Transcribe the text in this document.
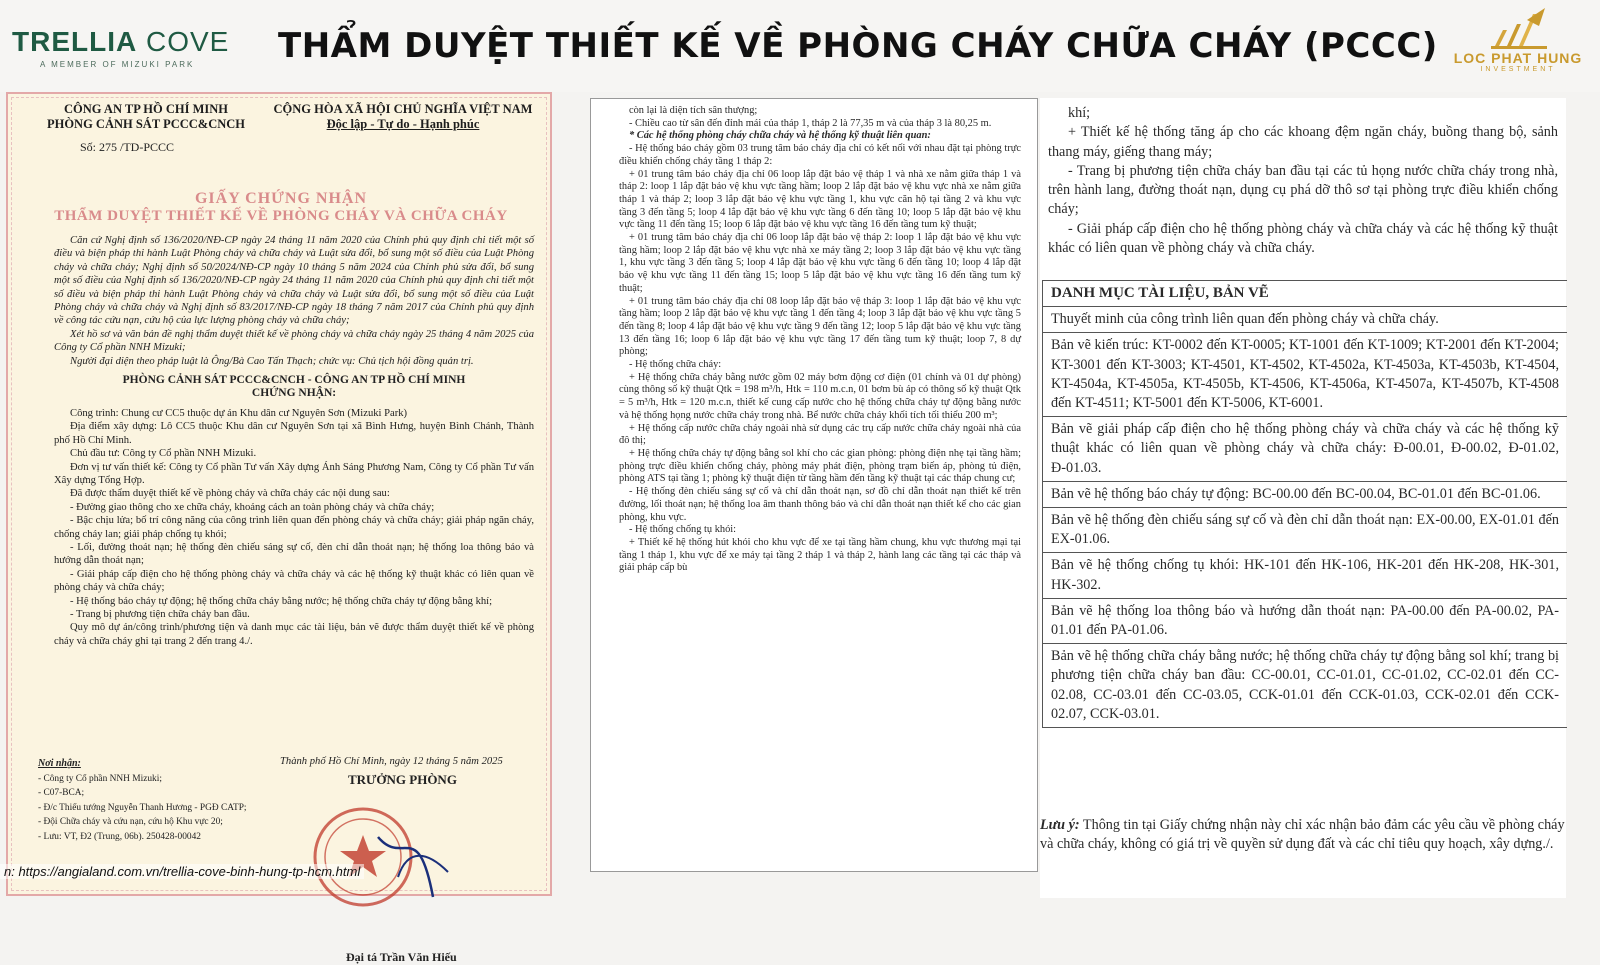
TRELLIA COVE
A MEMBER OF MIZUKI PARK	THẨM DUYỆT THIẾT KẾ VỀ PHÒNG CHÁY CHỮA CHÁY (PCCC)	LOC PHAT HUNG
INVESTMENT
CÔNG AN TP HỒ CHÍ MINH
PHÒNG CẢNH SÁT PCCC&CNCH
CỘNG HÒA XÃ HỘI CHỦ NGHĨA VIỆT NAM
Độc lập - Tự do - Hạnh phúc
Số: 275 /TD-PCCC
GIẤY CHỨNG NHẬN
THẨM DUYỆT THIẾT KẾ VỀ PHÒNG CHÁY VÀ CHỮA CHÁY

Căn cứ Nghị định số 136/2020/NĐ-CP ngày 24 tháng 11 năm 2020 của Chính phủ quy định chi tiết một số điều và biện pháp thi hành Luật Phòng cháy và chữa cháy và Luật sửa đổi, bổ sung một số điều của Luật Phòng cháy và chữa cháy; Nghị định số 50/2024/NĐ-CP ngày 10 tháng 5 năm 2024 của Chính phủ sửa đổi, bổ sung một số điều của Nghị định số 136/2020/NĐ-CP ngày 24 tháng 11 năm 2020 của Chính phủ quy định chi tiết một số điều và biện pháp thi hành Luật Phòng cháy và chữa cháy và Luật sửa đổi, bổ sung một số điều của Luật Phòng cháy và chữa cháy và Nghị định số 83/2017/NĐ-CP ngày 18 tháng 7 năm 2017 của Chính phủ quy định về công tác cứu nạn, cứu hộ của lực lượng phòng cháy và chữa cháy;

Xét hồ sơ và văn bản đề nghị thẩm duyệt thiết kế về phòng cháy và chữa cháy ngày 25 tháng 4 năm 2025 của Công ty Cổ phần NNH Mizuki;

Người đại diện theo pháp luật là Ông/Bà Cao Tấn Thạch; chức vụ: Chủ tịch hội đồng quản trị.

PHÒNG CẢNH SÁT PCCC&CNCH - CÔNG AN TP HỒ CHÍ MINH

CHỨNG NHẬN:

Công trình: Chung cư CC5 thuộc dự án Khu dân cư Nguyên Sơn (Mizuki Park)

Địa điểm xây dựng: Lô CC5 thuộc Khu dân cư Nguyên Sơn tại xã Bình Hưng, huyện Bình Chánh, Thành phố Hồ Chí Minh.

Chủ đầu tư: Công ty Cổ phần NNH Mizuki.

Đơn vị tư vấn thiết kế: Công ty Cổ phần Tư vấn Xây dựng Ánh Sáng Phương Nam, Công ty Cổ phần Tư vấn Xây dựng Tổng Hợp.

Đã được thẩm duyệt thiết kế về phòng cháy và chữa cháy các nội dung sau:

- Đường giao thông cho xe chữa cháy, khoảng cách an toàn phòng cháy và chữa cháy;

- Bậc chịu lửa; bố trí công năng của công trình liên quan đến phòng cháy và chữa cháy; giải pháp ngăn cháy, chống cháy lan; giải pháp chống tụ khói;

- Lối, đường thoát nạn; hệ thống đèn chiếu sáng sự cố, đèn chỉ dẫn thoát nạn; hệ thống loa thông báo và hướng dẫn thoát nạn;

- Giải pháp cấp điện cho hệ thống phòng cháy và chữa cháy và các hệ thống kỹ thuật khác có liên quan về phòng cháy và chữa cháy;

- Hệ thống báo cháy tự động; hệ thống chữa cháy bằng nước; hệ thống chữa cháy tự động bằng khí;

- Trang bị phương tiện chữa cháy ban đầu.

Quy mô dự án/công trình/phương tiện và danh mục các tài liệu, bản vẽ được thẩm duyệt thiết kế về phòng cháy và chữa cháy ghi tại trang 2 đến trang 4./.

Nơi nhận:
- Công ty Cổ phần NNH Mizuki;
- C07-BCA;
- Đ/c Thiếu tướng Nguyễn Thanh Hương - PGĐ CATP;
- Đội Chữa cháy và cứu nạn, cứu hộ Khu vực 20;
- Lưu: VT, Đ2 (Trung, 06b). 250428-00042
Thành phố Hồ Chí Minh, ngày 12 tháng 5 năm 2025
TRƯỞNG PHÒNG
Đại tá Trần Văn Hiếu
n: https://angialand.com.vn/trellia-cove-binh-hung-tp-hcm.html

còn lại là diện tích sân thượng;

- Chiều cao từ sân đến đỉnh mái của tháp 1, tháp 2 là 77,35 m và của tháp 3 là 80,25 m.

* Các hệ thống phòng cháy chữa cháy và hệ thống kỹ thuật liên quan:

- Hệ thống báo cháy gồm 03 trung tâm báo cháy địa chỉ có kết nối với nhau đặt tại phòng trực điều khiển chống cháy tầng 1 tháp 2:

+ 01 trung tâm báo cháy địa chỉ 06 loop lắp đặt bảo vệ tháp 1 và nhà xe nằm giữa tháp 1 và tháp 2: loop 1 lắp đặt bảo vệ khu vực tầng hầm; loop 2 lắp đặt bảo vệ khu vực nhà xe nằm giữa tháp 1 và tháp 2; loop 3 lắp đặt bảo vệ khu vực tầng 1, khu vực căn hộ tại tầng 2 và khu vực tầng 3 đến tầng 5; loop 4 lắp đặt bảo vệ khu vực tầng 6 đến tầng 10; loop 5 lắp đặt bảo vệ khu vực tầng 11 đến tầng 15; loop 6 lắp đặt bảo vệ khu vực tầng 16 đến tầng tum kỹ thuật;

+ 01 trung tâm báo cháy địa chỉ 06 loop lắp đặt bảo vệ tháp 2: loop 1 lắp đặt bảo vệ khu vực tầng hầm; loop 2 lắp đặt bảo vệ khu vực nhà xe máy tầng 2; loop 3 lắp đặt bảo vệ khu vực tầng 1, khu vực tầng 3 đến tầng 5; loop 4 lắp đặt bảo vệ khu vực tầng 6 đến tầng 10; loop 4 lắp đặt bảo vệ khu vực tầng 11 đến tầng 15; loop 5 lắp đặt bảo vệ khu vực tầng 16 đến tầng tum kỹ thuật;

+ 01 trung tâm báo cháy địa chỉ 08 loop lắp đặt bảo vệ tháp 3: loop 1 lắp đặt bảo vệ khu vực tầng hầm; loop 2 lắp đặt bảo vệ khu vực tầng 1 đến tầng 4; loop 3 lắp đặt bảo vệ khu vực tầng 5 đến tầng 8; loop 4 lắp đặt bảo vệ khu vực tầng 9 đến tầng 12; loop 5 lắp đặt bảo vệ khu vực tầng 13 đến tầng 16; loop 6 lắp đặt bảo vệ khu vực tầng 17 đến tầng tum kỹ thuật; loop 7, 8 dự phòng;

- Hệ thống chữa cháy:

+ Hệ thống chữa cháy bằng nước gồm 02 máy bơm động cơ điện (01 chính và 01 dự phòng) cùng thông số kỹ thuật Qtk = 198 m³/h, Htk = 110 m.c.n, 01 bơm bù áp có thông số kỹ thuật Qtk = 5 m³/h, Htk = 120 m.c.n, thiết kế cung cấp nước cho hệ thống chữa cháy tự động bằng nước và hệ thống họng nước chữa cháy trong nhà. Bể nước chữa cháy khối tích tối thiểu 200 m³;

+ Hệ thống cấp nước chữa cháy ngoài nhà sử dụng các trụ cấp nước chữa cháy ngoài nhà của đô thị;

+ Hệ thống chữa cháy tự động bằng sol khí cho các gian phòng: phòng điện nhẹ tại tầng hầm; phòng trực điều khiển chống cháy, phòng máy phát điện, phòng trạm biến áp, phòng tủ điện, phòng ATS tại tầng 1; phòng kỹ thuật điện từ tầng hầm đến tầng kỹ thuật tại các tháp chung cư;

- Hệ thống đèn chiếu sáng sự cố và chỉ dẫn thoát nạn, sơ đồ chỉ dẫn thoát nạn thiết kế trên đường, lối thoát nạn; hệ thống loa âm thanh thông báo và chỉ dẫn thoát nạn thiết kế cho các gian phòng, khu vực.

- Hệ thống chống tụ khói:

+ Thiết kế hệ thống hút khói cho khu vực để xe tại tầng hầm chung, khu vực thương mại tại tầng 1 tháp 1, khu vực để xe máy tại tầng 2 tháp 1 và tháp 2, hành lang các tầng tại các tháp và giải pháp cấp bù

khí;

+ Thiết kế hệ thống tăng áp cho các khoang đệm ngăn cháy, buồng thang bộ, sảnh thang máy, giếng thang máy;

- Trang bị phương tiện chữa cháy ban đầu tại các tủ họng nước chữa cháy trong nhà, trên hành lang, đường thoát nạn, dụng cụ phá dỡ thô sơ tại phòng trực điều khiển chống cháy;

- Giải pháp cấp điện cho hệ thống phòng cháy và chữa cháy và các hệ thống kỹ thuật khác có liên quan về phòng cháy và chữa cháy.

DANH MỤC TÀI LIỆU, BẢN VẼ
Thuyết minh của công trình liên quan đến phòng cháy và chữa cháy.
Bản vẽ kiến trúc: KT-0002 đến KT-0005; KT-1001 đến KT-1009; KT-2001 đến KT-2004; KT-3001 đến KT-3003; KT-4501, KT-4502, KT-4502a, KT-4503a, KT-4503b, KT-4504, KT-4504a, KT-4505a, KT-4505b, KT-4506, KT-4506a, KT-4507a, KT-4507b, KT-4508 đến KT-4511; KT-5001 đến KT-5006, KT-6001.
Bản vẽ giải pháp cấp điện cho hệ thống phòng cháy và chữa cháy và các hệ thống kỹ thuật khác có liên quan về phòng cháy và chữa cháy: Đ-00.01, Đ-00.02, Đ-01.02, Đ-01.03.
Bản vẽ hệ thống báo cháy tự động: BC-00.00 đến BC-00.04, BC-01.01 đến BC-01.06.
Bản vẽ hệ thống đèn chiếu sáng sự cố và đèn chỉ dẫn thoát nạn: EX-00.00, EX-01.01 đến EX-01.06.
Bản vẽ hệ thống chống tụ khói: HK-101 đến HK-106, HK-201 đến HK-208, HK-301, HK-302.
Bản vẽ hệ thống loa thông báo và hướng dẫn thoát nạn: PA-00.00 đến PA-00.02, PA-01.01 đến PA-01.06.
Bản vẽ hệ thống chữa cháy bằng nước; hệ thống chữa cháy tự động bằng sol khí; trang bị phương tiện chữa cháy ban đầu: CC-00.01, CC-01.01, CC-01.02, CC-02.01 đến CC-02.08, CC-03.01 đến CC-03.05, CCK-01.01 đến CCK-01.03, CCK-02.01 đến CCK-02.07, CCK-03.01.
Lưu ý: Thông tin tại Giấy chứng nhận này chỉ xác nhận bảo đảm các yêu cầu về phòng cháy và chữa cháy, không có giá trị về quyền sử dụng đất và các chỉ tiêu quy hoạch, xây dựng./.
